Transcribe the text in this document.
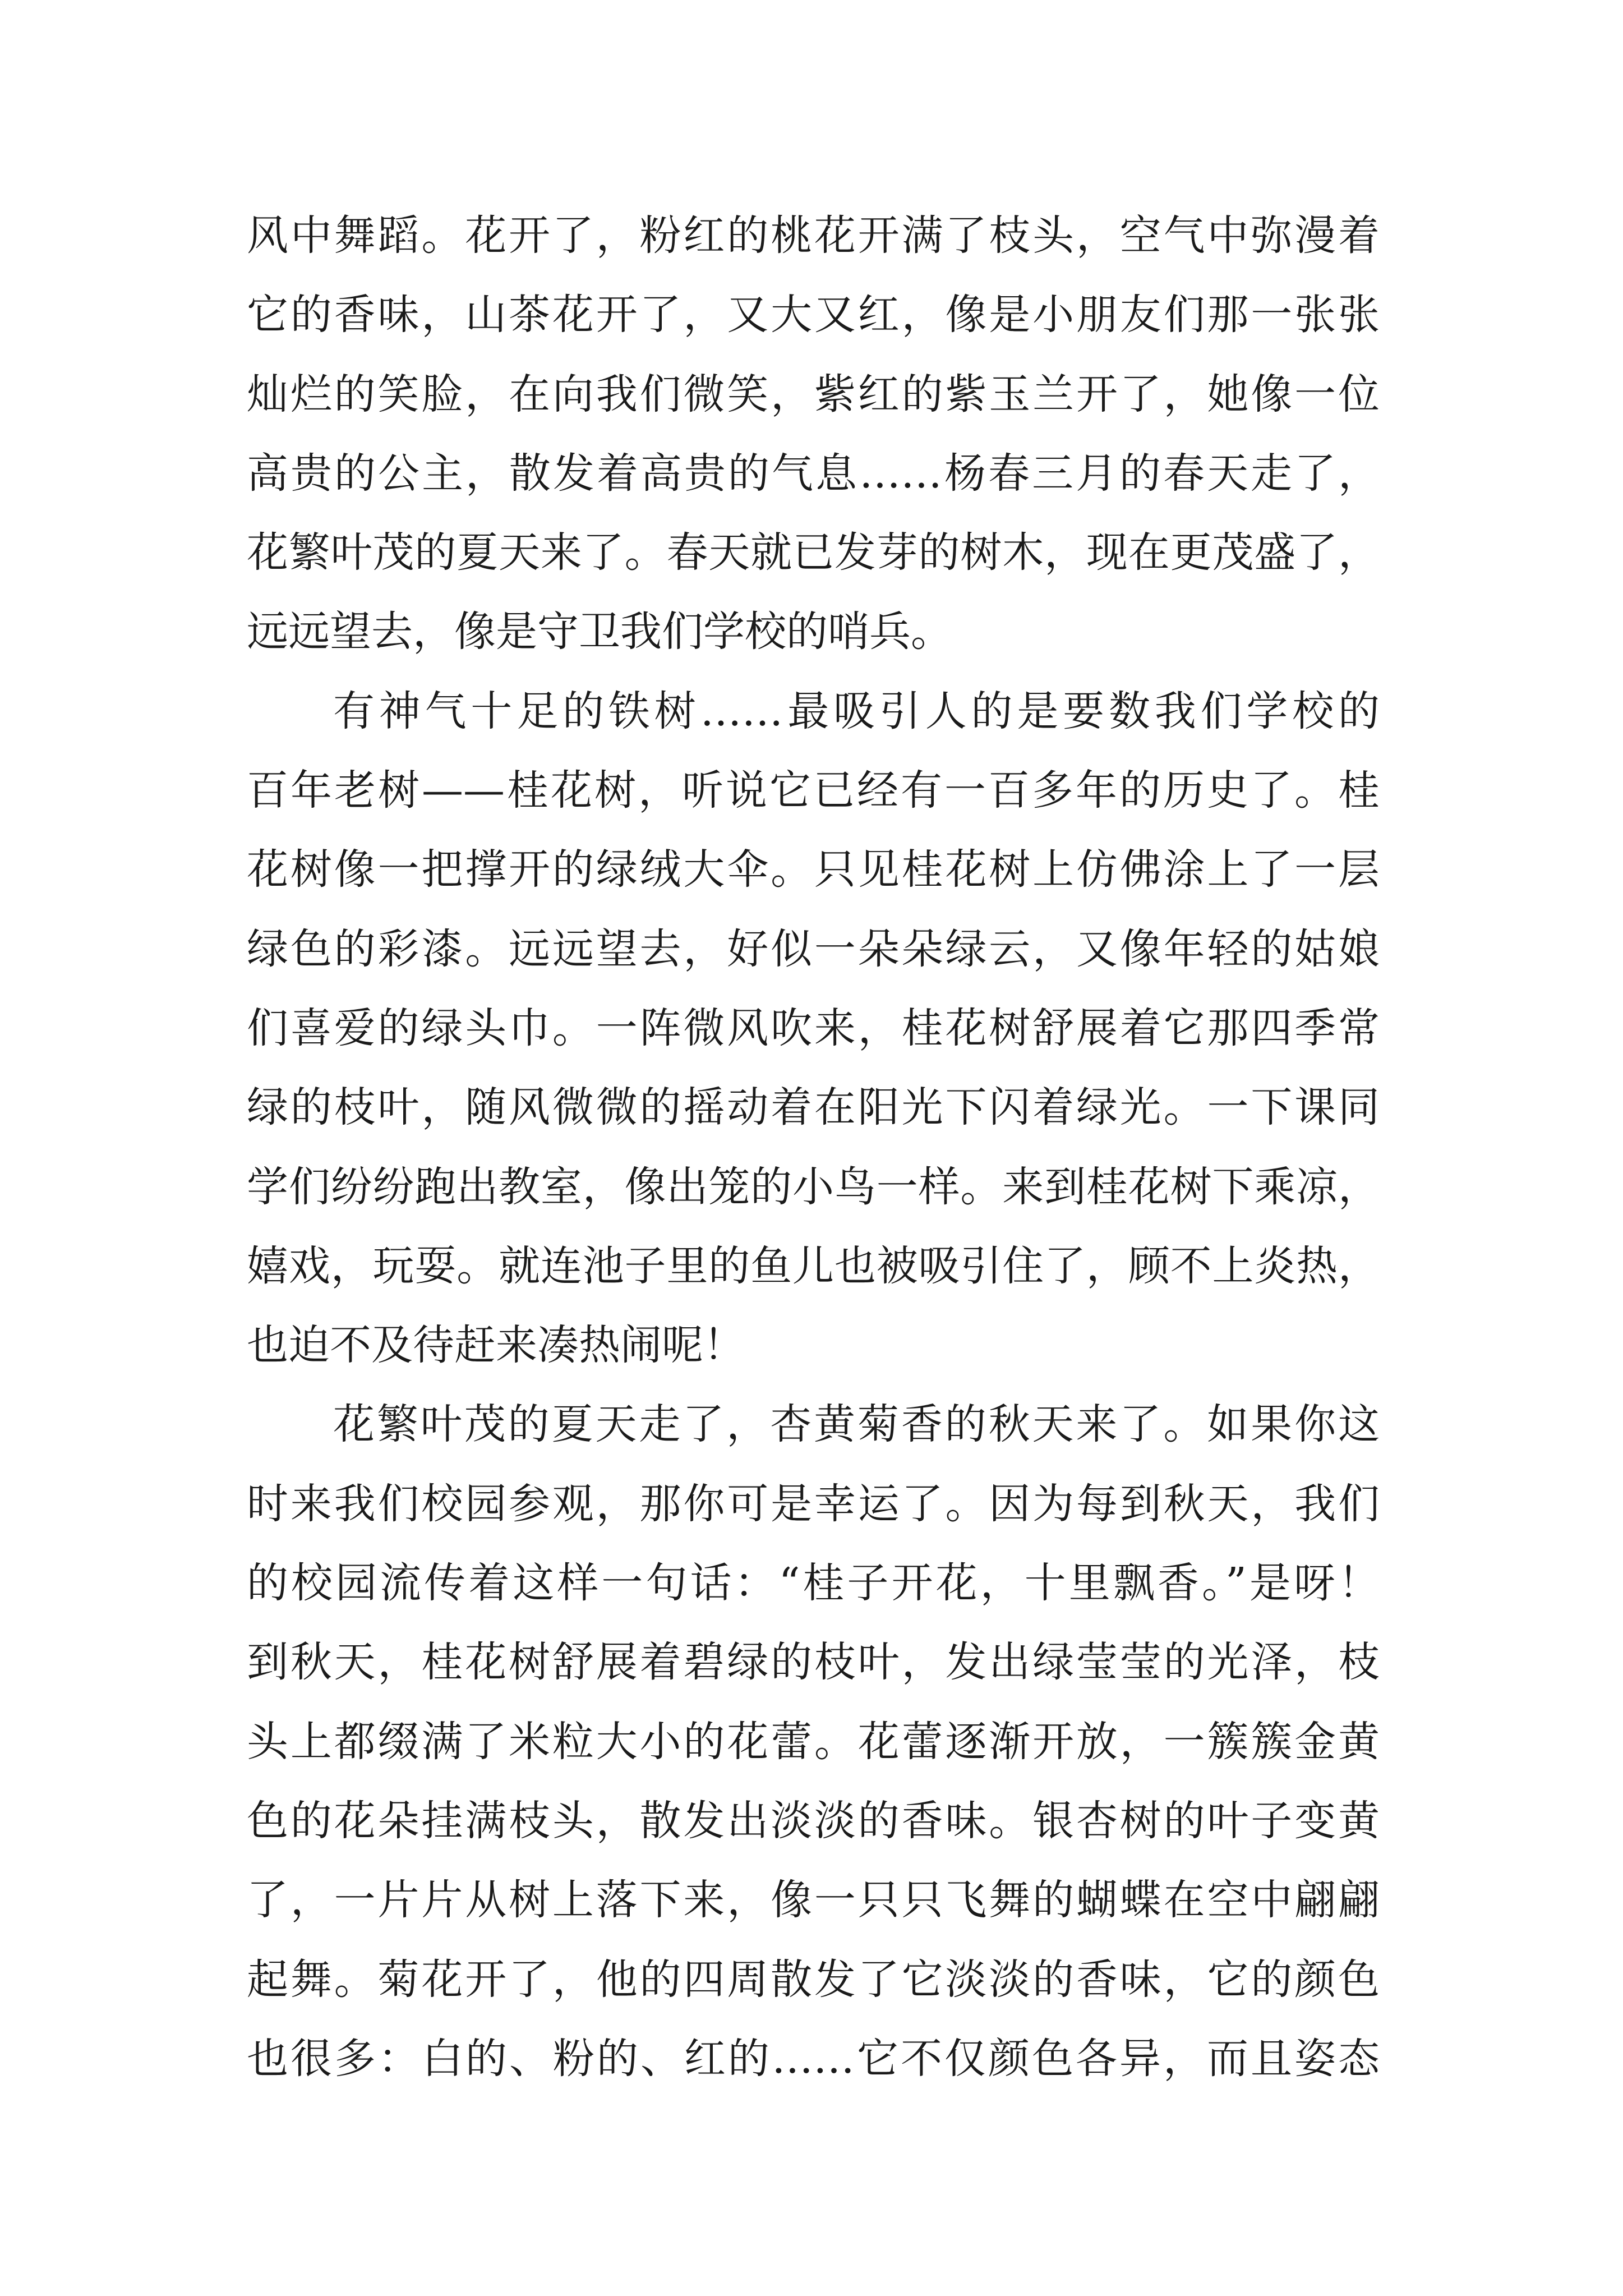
风中舞蹈。花开了，粉红的桃花开满了枝头，空气中弥漫着
它的香味，山茶花开了，又大又红，像是小朋友们那一张张
灿烂的笑脸，在向我们微笑，紫红的紫玉兰开了，她像一位
高贵的公主，散发着高贵的气息……杨春三月的春天走了，
花繁叶茂的夏天来了。春天就已发芽的树木，现在更茂盛了，
远远望去，像是守卫我们学校的哨兵。
有神气十足的铁树……最吸引人的是要数我们学校的
百年老树——桂花树，听说它已经有一百多年的历史了。桂
花树像一把撑开的绿绒大伞。只见桂花树上仿佛涂上了一层
绿色的彩漆。远远望去，好似一朵朵绿云，又像年轻的姑娘
们喜爱的绿头巾。一阵微风吹来，桂花树舒展着它那四季常
绿的枝叶，随风微微的摇动着在阳光下闪着绿光。一下课同
学们纷纷跑出教室，像出笼的小鸟一样。来到桂花树下乘凉，
嬉戏，玩耍。就连池子里的鱼儿也被吸引住了，顾不上炎热，
也迫不及待赶来凑热闹呢！
花繁叶茂的夏天走了，杏黄菊香的秋天来了。如果你这
时来我们校园参观，那你可是幸运了。因为每到秋天，我们
的校园流传着这样一句话：“桂子开花，十里飘香。”是呀！
到秋天，桂花树舒展着碧绿的枝叶，发出绿莹莹的光泽，枝
头上都缀满了米粒大小的花蕾。花蕾逐渐开放，一簇簇金黄
色的花朵挂满枝头，散发出淡淡的香味。银杏树的叶子变黄
了，一片片从树上落下来，像一只只飞舞的蝴蝶在空中翩翩
起舞。菊花开了，他的四周散发了它淡淡的香味，它的颜色
也很多：白的、粉的、红的……它不仅颜色各异，而且姿态
